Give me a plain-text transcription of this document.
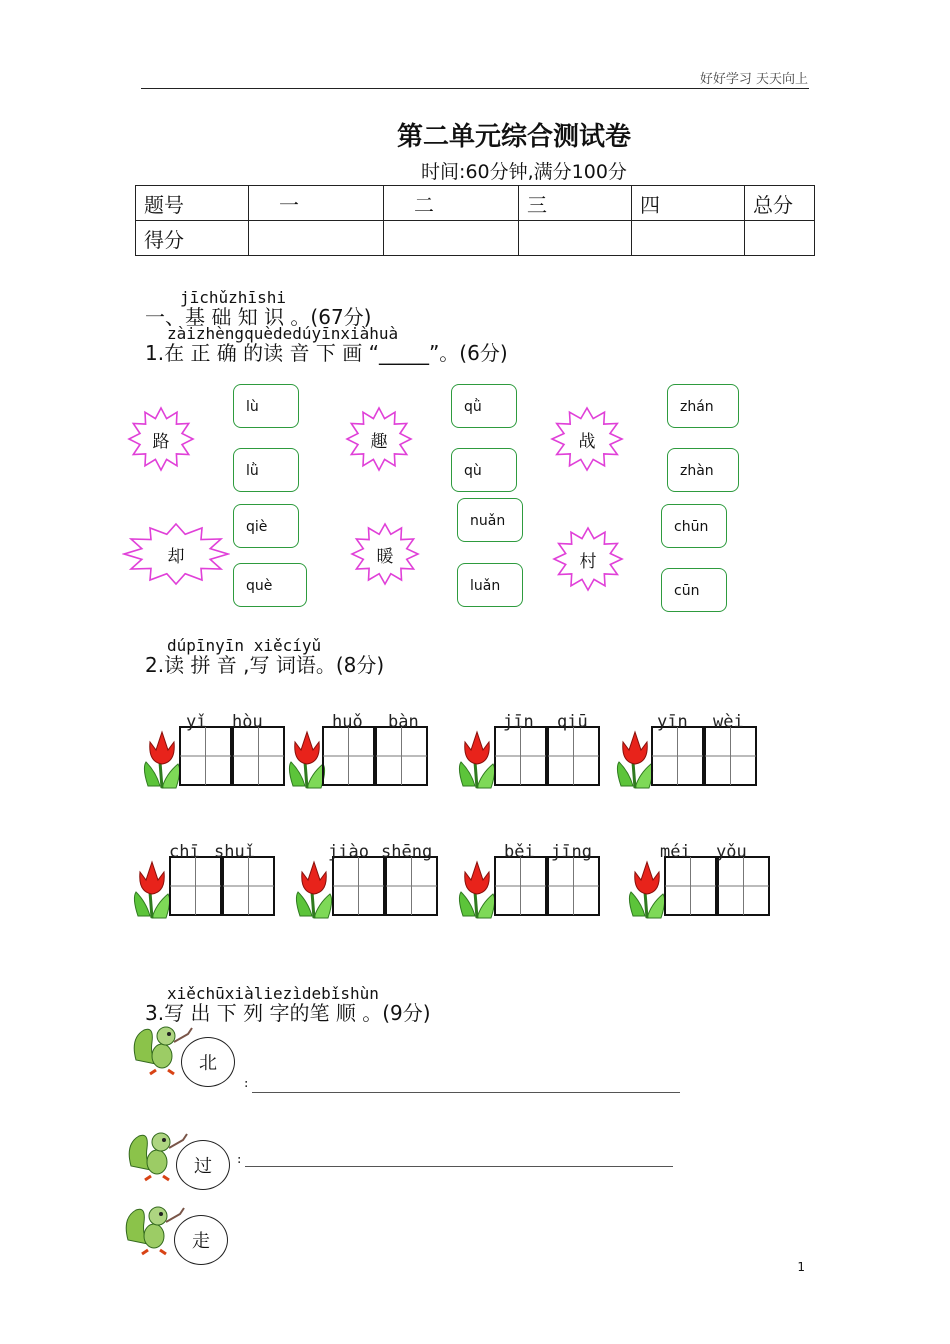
好好学习 天天向上
第二单元综合测试卷
时间:60分钟,满分100分
题号	一	二	三	四	总分
得分					
jīchǔzhīshi
一、基 础 知 识 。(67分)
zàizhèngquèdedúyīnxiàhuà
1.在 正 确 的读 音 下 画 “_____”。(6分)
路
lù
lǜ
趣
qǜ
qù
战
zhán
zhàn
却
qiè
què
暖
nuǎn
luǎn
村
chūn
cūn
dúpīnyīn xiěcíyǔ
2.读 拼 音 ,写 词语。(8分)
yǐ hòu	huǒ bàn	jīn qiū	yīn wèi
chī shuǐ	jiào shēng	běi jīng	méi yǒu
xiěchūxiàliezìdebǐshùn
3.写 出 下 列 字的笔 顺 。(9分)
北
:
过	:
走
1
